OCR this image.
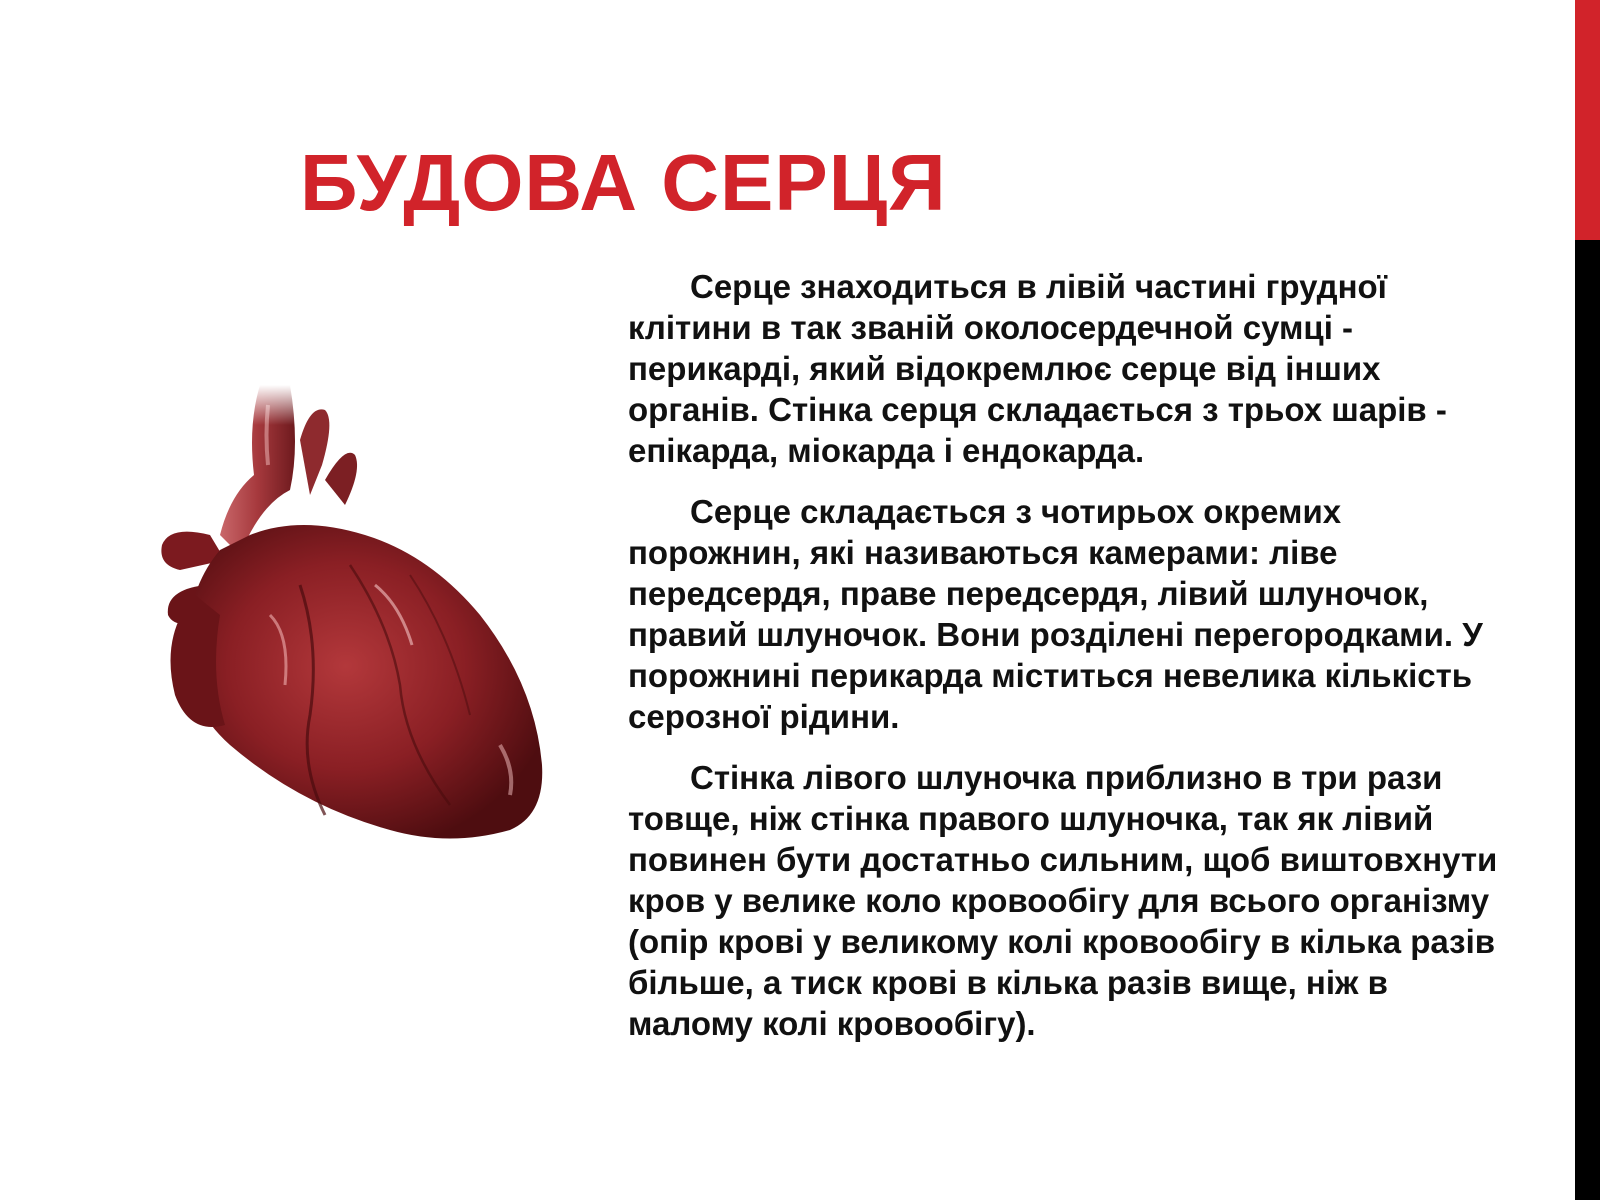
БУДОВА СЕРЦЯ

Серце знаходиться в лівій частині грудної клітини в так званій околосердечной сумці - перикарді, який відокремлює серце від інших органів. Стінка серця складається з трьох шарів - епікарда, міокарда і ендокарда.

Серце складається з чотирьох окремих порожнин, які називаються камерами: ліве передсердя, праве передсердя, лівий шлуночок, правий шлуночок. Вони розділені перегородками. У порожнині перикарда міститься невелика кількість серозної рідини.

Стінка лівого шлуночка приблизно в три рази товще, ніж стінка правого шлуночка, так як лівий повинен бути достатньо сильним, щоб виштовхнути кров у велике коло кровообігу для всього організму (опір крові у великому колі кровообігу в кілька разів більше, а тиск крові в кілька разів вище, ніж в малому колі кровообігу).
